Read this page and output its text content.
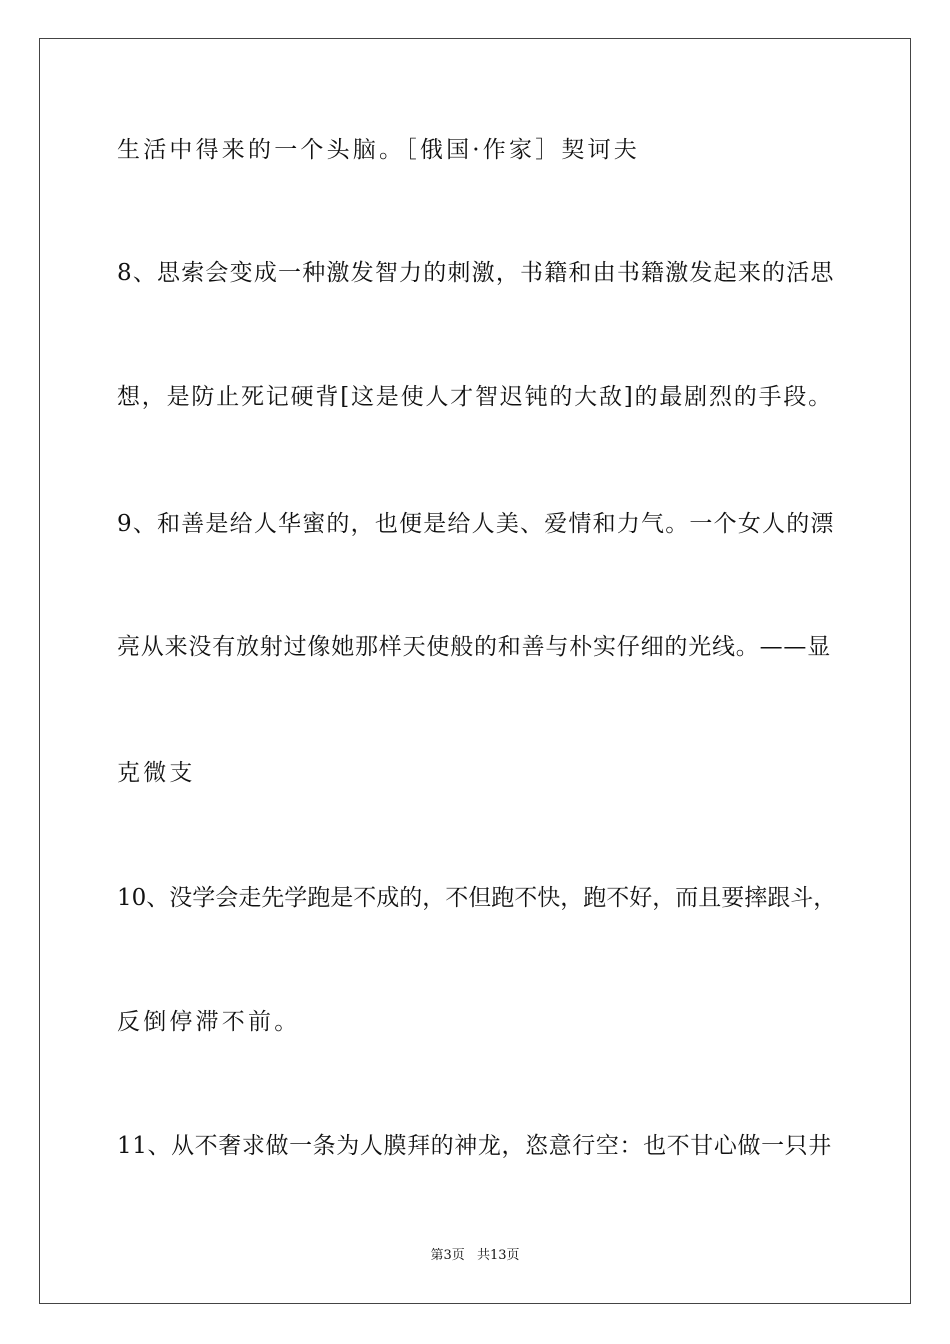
生活中得来的一个头脑。［俄国·作家］契诃夫
8、思索会变成一种激发智力的刺激，书籍和由书籍激发起来的活思
想，是防止死记硬背[这是使人才智迟钝的大敌]的最剧烈的手段。
9、和善是给人华蜜的，也便是给人美、爱情和力气。一个女人的漂
亮从来没有放射过像她那样天使般的和善与朴实仔细的光线。——显
克微支
10、没学会走先学跑是不成的，不但跑不快，跑不好，而且要摔跟斗，
反倒停滞不前。
11、从不奢求做一条为人膜拜的神龙，恣意行空：也不甘心做一只井
第3页 共13页
